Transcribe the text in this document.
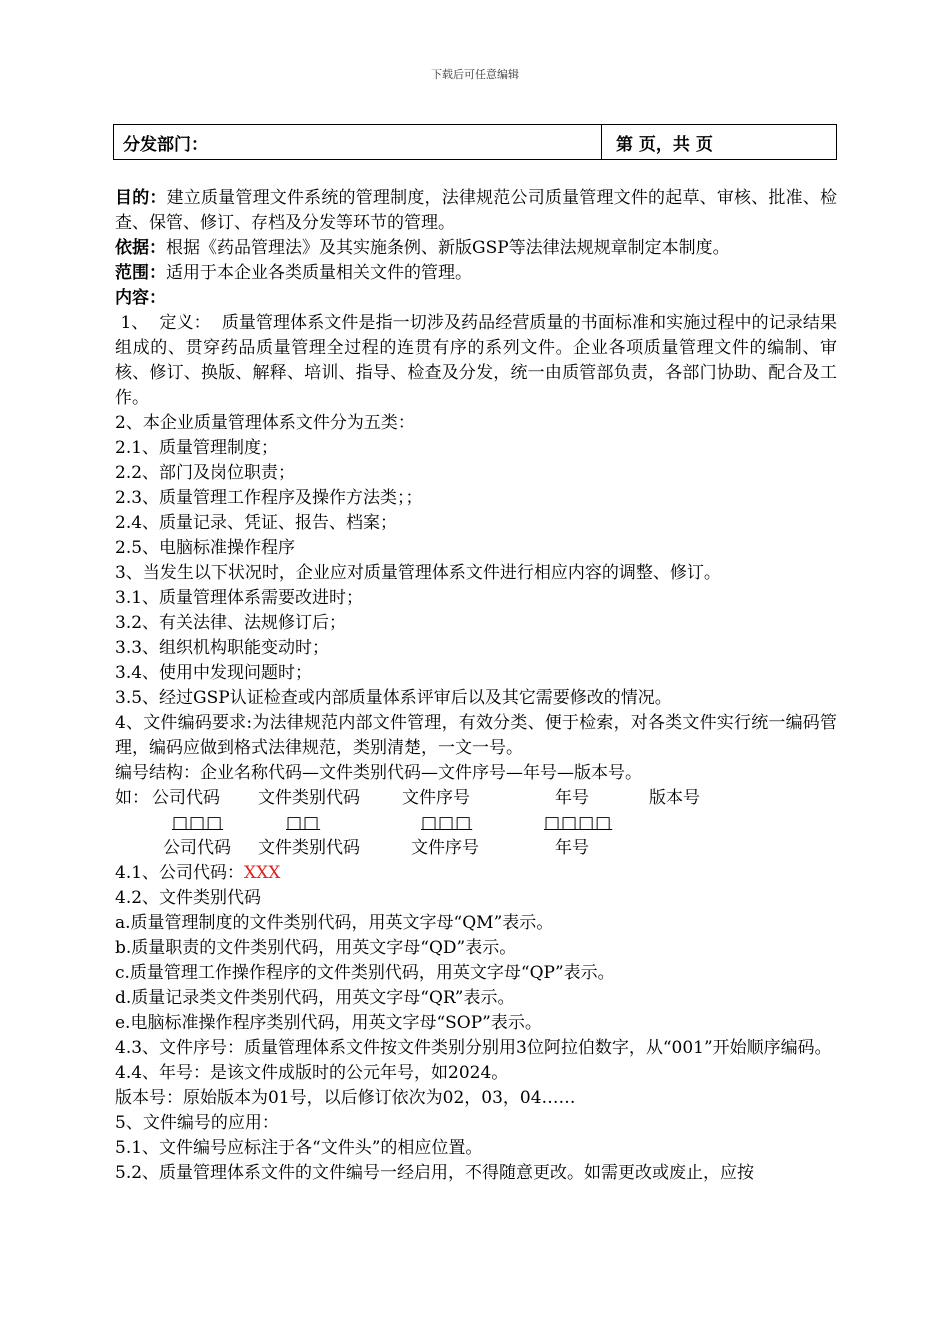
下载后可任意编辑
分发部门：	第 页，共 页
目的：建立质量管理文件系统的管理制度，法律规范公司质量管理文件的起草、审核、批准、检查、保管、修订、存档及分发等环节的管理。
依据：根据《药品管理法》及其实施条例、新版GSP等法律法规规章制定本制度。
范围：适用于本企业各类质量相关文件的管理。
内容：
1、  定义：  质量管理体系文件是指一切涉及药品经营质量的书面标准和实施过程中的记录结果组成的、贯穿药品质量管理全过程的连贯有序的系列文件。企业各项质量管理文件的编制、审核、修订、换版、解释、培训、指导、检查及分发，统一由质管部负责，各部门协助、配合及工作。
2、本企业质量管理体系文件分为五类：
2.1、质量管理制度；
2.2、部门及岗位职责；
2.3、质量管理工作程序及操作方法类；；
2.4、质量记录、凭证、报告、档案；
2.5、电脑标准操作程序
3、当发生以下状况时，企业应对质量管理体系文件进行相应内容的调整、修订。
3.1、质量管理体系需要改进时；
3.2、有关法律、法规修订后；
3.3、组织机构职能变动时；
3.4、使用中发现问题时；
3.5、经过GSP认证检查或内部质量体系评审后以及其它需要修改的情况。
4、文件编码要求:为法律规范内部文件管理，有效分类、便于检索，对各类文件实行统一编码管理，编码应做到格式法律规范，类别清楚，一文一号。
编号结构：企业名称代码—文件类别代码—文件序号—年号—版本号。
如： 公司代码 文件类别代码 文件序号	年号	版本号
□□□	□□	□□□	□□□□
公司代码 文件类别代码	文件序号	年号
4.1、公司代码：XXX
4.2、文件类别代码
a.质量管理制度的文件类别代码，用英文字母“QM”表示。
b.质量职责的文件类别代码，用英文字母“QD”表示。
c.质量管理工作操作程序的文件类别代码，用英文字母“QP”表示。
d.质量记录类文件类别代码，用英文字母“QR”表示。
e.电脑标准操作程序类别代码，用英文字母“SOP”表示。
4.3、文件序号：质量管理体系文件按文件类别分别用3位阿拉伯数字，从“001”开始顺序编码。
4.4、年号：是该文件成版时的公元年号，如2024。
版本号：原始版本为01号，以后修订依次为02，03，04……
5、文件编号的应用：
5.1、文件编号应标注于各“文件头”的相应位置。
5.2、质量管理体系文件的文件编号一经启用，不得随意更改。如需更改或废止，应按
